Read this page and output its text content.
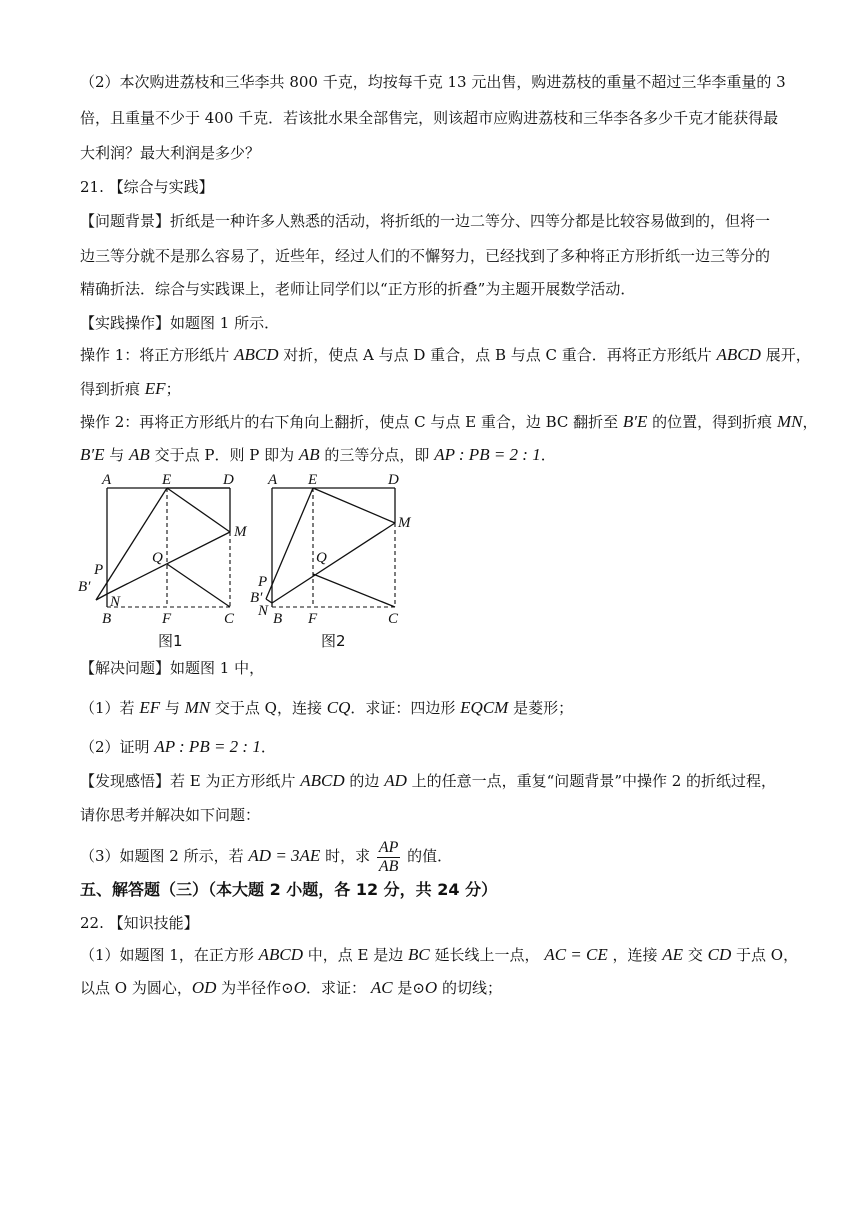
（2）本次购进荔枝和三华李共 800 千克，均按每千克 13 元出售，购进荔枝的重量不超过三华李重量的 3
倍，且重量不少于 400 千克．若该批水果全部售完，则该超市应购进荔枝和三华李各多少千克才能获得最
大利润？最大利润是多少？
21. 【综合与实践】
【问题背景】折纸是一种许多人熟悉的活动，将折纸的一边二等分、四等分都是比较容易做到的，但将一
边三等分就不是那么容易了，近些年，经过人们的不懈努力，已经找到了多种将正方形折纸一边三等分的
精确折法．综合与实践课上，老师让同学们以“正方形的折叠”为主题开展数学活动．
【实践操作】如题图 1 所示．
操作 1：将正方形纸片 ABCD 对折，使点 A 与点 D 重合，点 B 与点 C 重合．再将正方形纸片 ABCD 展开，
得到折痕 EF；
操作 2：再将正方形纸片的右下角向上翻折，使点 C 与点 E 重合，边 BC 翻折至 B′E 的位置，得到折痕 MN，
B′E 与 AB 交于点 P．则 P 即为 AB 的三等分点，即 AP : PB = 2 : 1．
A	E	D
M
Q
P
B′
N
B	F	C
图1
A E	D
M
Q
P
B′
N B F	C
图2
【解决问题】如题图 1 中，
（1）若 EF 与 MN 交于点 Q，连接 CQ．求证：四边形 EQCM 是菱形；
（2）证明 AP : PB = 2 : 1．
【发现感悟】若 E 为正方形纸片 ABCD 的边 AD 上的任意一点，重复“问题背景”中操作 2 的折纸过程，
请你思考并解决如下问题：
（3）如题图 2 所示，若 AD = 3AE 时，求 $\frac{AP}{AB}$ 的值．
五、解答题（三）（本大题 2 小题，各 12 分，共 24 分）
22. 【知识技能】
（1）如题图 1，在正方形 ABCD 中，点 E 是边 BC 延长线上一点， AC = CE ，连接 AE 交 CD 于点 O，
以点 O 为圆心，OD 为半径作⊙O．求证： AC 是⊙O 的切线；
